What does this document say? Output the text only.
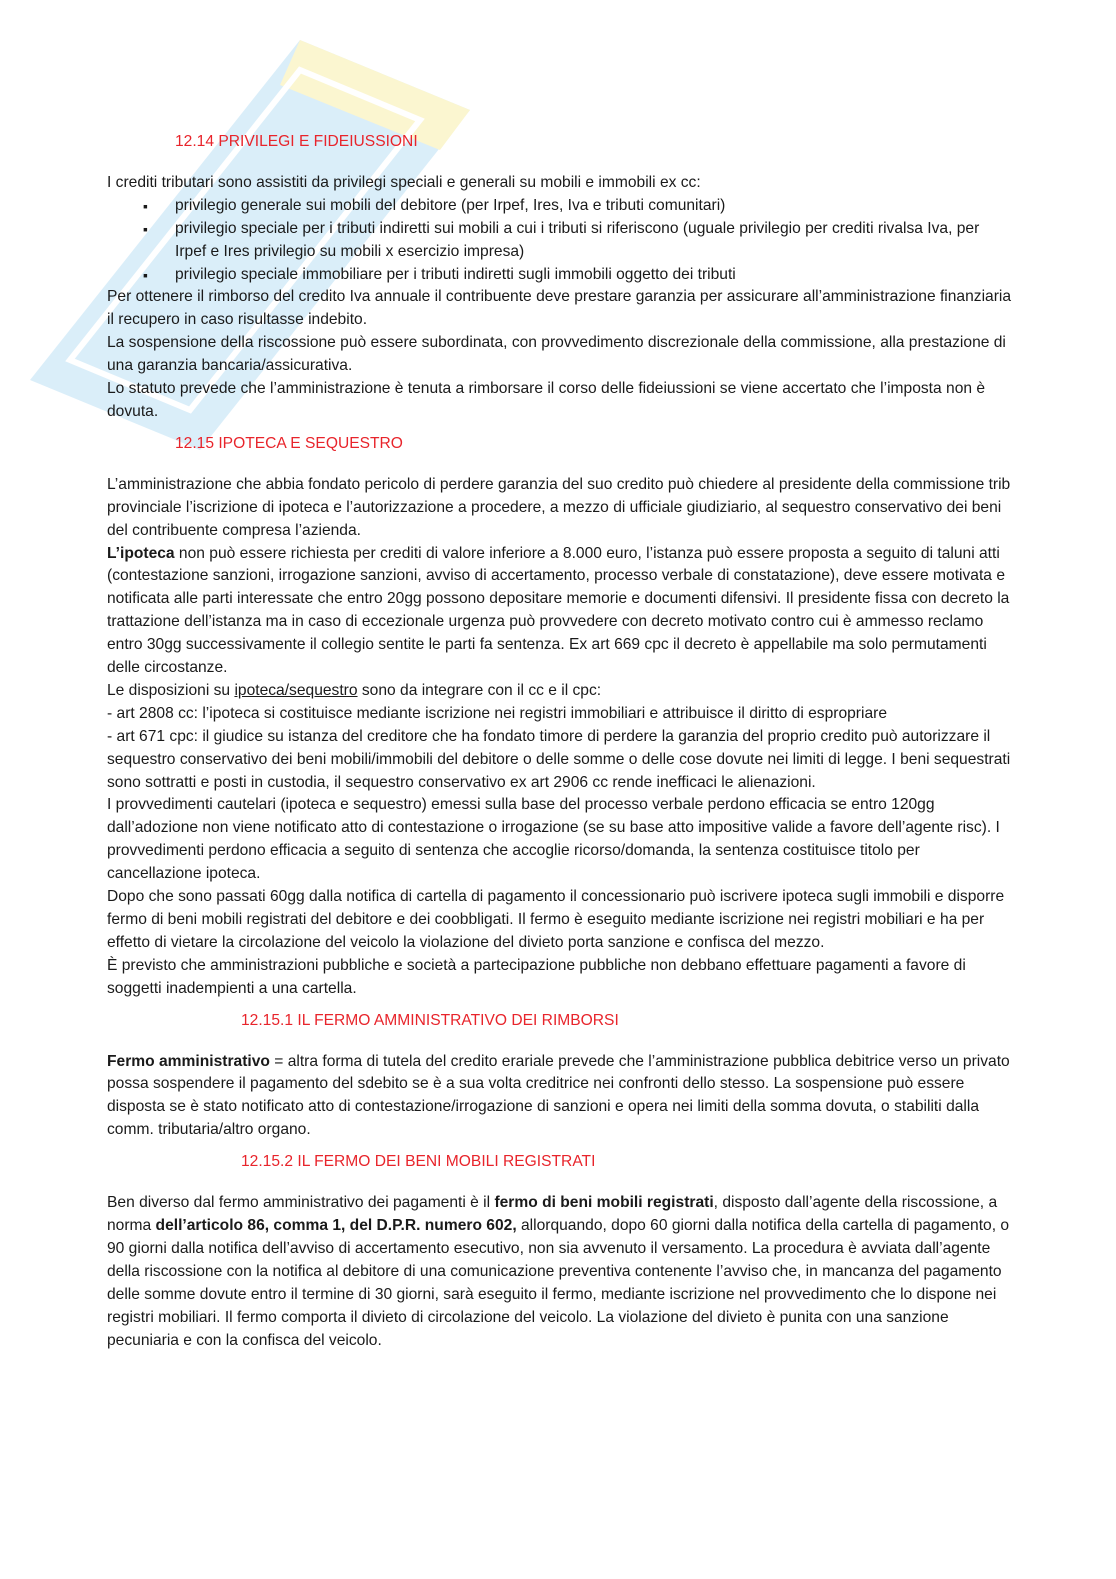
12.14 PRIVILEGI E FIDEIUSSIONI

I crediti tributari sono assistiti da privilegi speciali e generali su mobili e immobili ex cc:

▪ privilegio generale sui mobili del debitore (per Irpef, Ires, Iva e tributi comunitari)
▪ privilegio speciale per i tributi indiretti sui mobili a cui i tributi si riferiscono (uguale privilegio per crediti rivalsa Iva, per Irpef e Ires privilegio su mobili x esercizio impresa)
▪ privilegio speciale immobiliare per i tributi indiretti sugli immobili oggetto dei tributi

Per ottenere il rimborso del credito Iva annuale il contribuente deve prestare garanzia per assicurare all’amministrazione finanziaria il recupero in caso risultasse indebito.

La sospensione della riscossione può essere subordinata, con provvedimento discrezionale della commissione, alla prestazione di una garanzia bancaria/assicurativa.

Lo statuto prevede che l’amministrazione è tenuta a rimborsare il corso delle fideiussioni se viene accertato che l’imposta non è dovuta.

12.15 IPOTECA E SEQUESTRO

L’amministrazione che abbia fondato pericolo di perdere garanzia del suo credito può chiedere al presidente della commissione trib provinciale l’iscrizione di ipoteca e l’autorizzazione a procedere, a mezzo di ufficiale giudiziario, al sequestro conservativo dei beni del contribuente compresa l’azienda.

L’ipoteca non può essere richiesta per crediti di valore inferiore a 8.000 euro, l’istanza può essere proposta a seguito di taluni atti (contestazione sanzioni, irrogazione sanzioni, avviso di accertamento, processo verbale di constatazione), deve essere motivata e notificata alle parti interessate che entro 20gg possono depositare memorie e documenti difensivi. Il presidente fissa con decreto la trattazione dell’istanza ma in caso di eccezionale urgenza può provvedere con decreto motivato contro cui è ammesso reclamo entro 30gg successivamente il collegio sentite le parti fa sentenza. Ex art 669 cpc il decreto è appellabile ma solo permutamenti delle circostanze.

Le disposizioni su ipoteca/sequestro sono da integrare con il cc e il cpc:

- art 2808 cc: l’ipoteca si costituisce mediante iscrizione nei registri immobiliari e attribuisce il diritto di espropriare

- art 671 cpc: il giudice su istanza del creditore che ha fondato timore di perdere la garanzia del proprio credito può autorizzare il sequestro conservativo dei beni mobili/immobili del debitore o delle somme o delle cose dovute nei limiti di legge. I beni sequestrati sono sottratti e posti in custodia, il sequestro conservativo ex art 2906 cc rende inefficaci le alienazioni.

I provvedimenti cautelari (ipoteca e sequestro) emessi sulla base del processo verbale perdono efficacia se entro 120gg dall’adozione non viene notificato atto di contestazione o irrogazione (se su base atto impositive valide a favore dell’agente risc). I provvedimenti perdono efficacia a seguito di sentenza che accoglie ricorso/domanda, la sentenza costituisce titolo per cancellazione ipoteca.

Dopo che sono passati 60gg dalla notifica di cartella di pagamento il concessionario può iscrivere ipoteca sugli immobili e disporre fermo di beni mobili registrati del debitore e dei coobbligati. Il fermo è eseguito mediante iscrizione nei registri mobiliari e ha per effetto di vietare la circolazione del veicolo la violazione del divieto porta sanzione e confisca del mezzo.

È previsto che amministrazioni pubbliche e società a partecipazione pubbliche non debbano effettuare pagamenti a favore di soggetti inadempienti a una cartella.

12.15.1 IL FERMO AMMINISTRATIVO DEI RIMBORSI

Fermo amministrativo = altra forma di tutela del credito erariale prevede che l’amministrazione pubblica debitrice verso un privato possa sospendere il pagamento del sdebito se è a sua volta creditrice nei confronti dello stesso. La sospensione può essere disposta se è stato notificato atto di contestazione/irrogazione di sanzioni e opera nei limiti della somma dovuta, o stabiliti dalla comm. tributaria/altro organo.

12.15.2 IL FERMO DEI BENI MOBILI REGISTRATI

Ben diverso dal fermo amministrativo dei pagamenti è il fermo di beni mobili registrati, disposto dall’agente della riscossione, a norma dell’articolo 86, comma 1, del D.P.R. numero 602, allorquando, dopo 60 giorni dalla notifica della cartella di pagamento, o 90 giorni dalla notifica dell’avviso di accertamento esecutivo, non sia avvenuto il versamento. La procedura è avviata dall’agente della riscossione con la notifica al debitore di una comunicazione preventiva contenente l’avviso che, in mancanza del pagamento delle somme dovute entro il termine di 30 giorni, sarà eseguito il fermo, mediante iscrizione nel provvedimento che lo dispone nei registri mobiliari. Il fermo comporta il divieto di circolazione del veicolo. La violazione del divieto è punita con una sanzione pecuniaria e con la confisca del veicolo.
